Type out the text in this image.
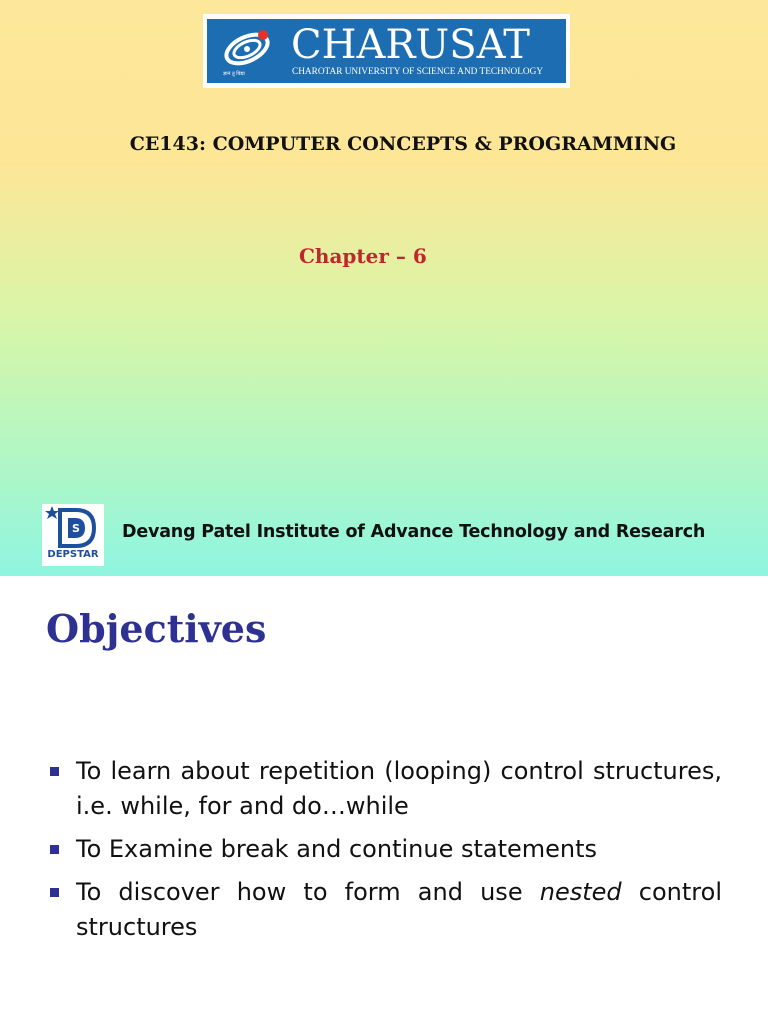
ज्ञानं तु विद्या
CHARUSAT
CHAROTAR UNIVERSITY OF SCIENCE AND TECHNOLOGY
CE143: COMPUTER CONCEPTS & PROGRAMMING
Chapter – 6
S
DEPSTAR
Devang Patel Institute of Advance Technology and Research
Objectives
To learn about repetition (looping) control structures, i.e. while, for and do…while
To Examine break and continue statements
To discover how to form and use nested control structures
